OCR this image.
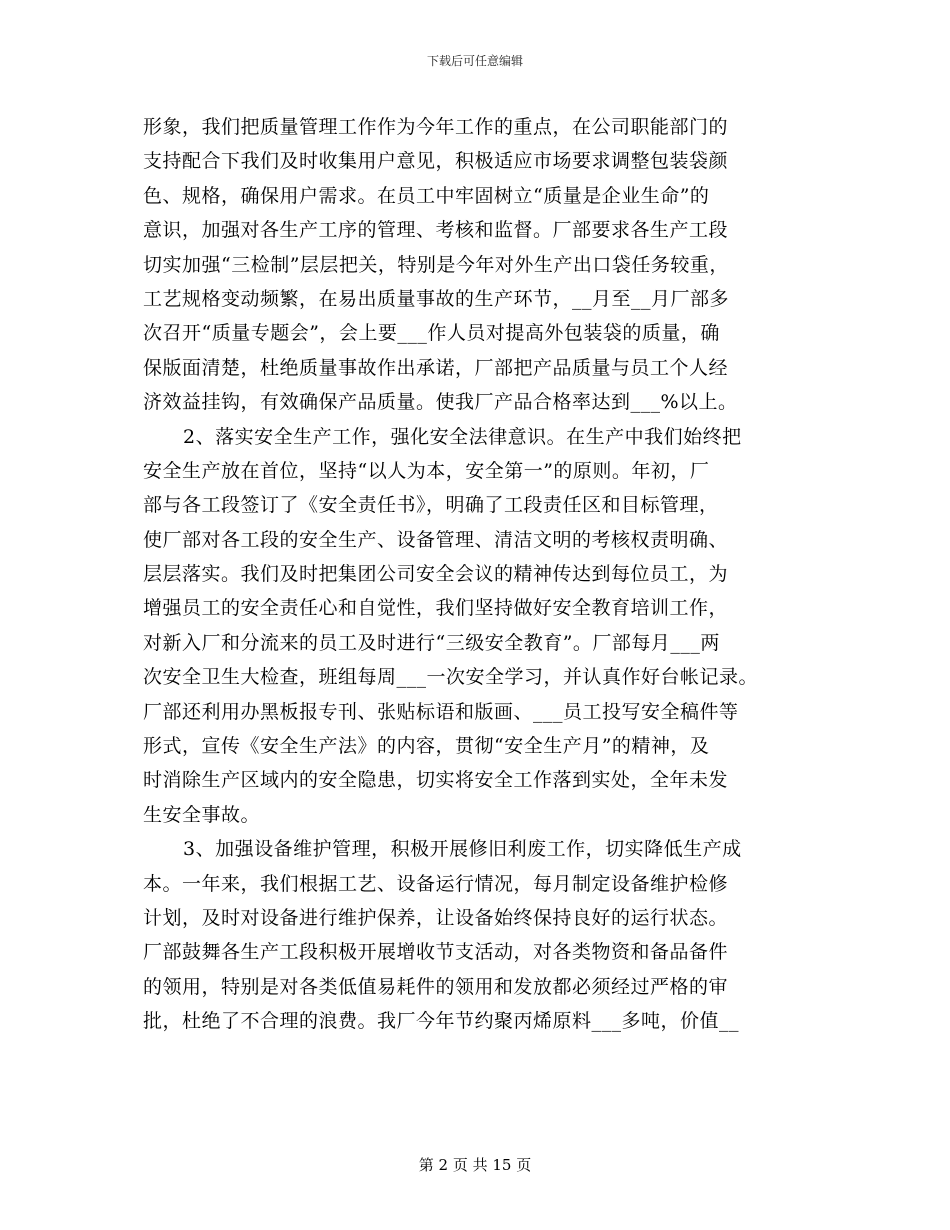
下载后可任意编辑
形象，我们把质量管理工作作为今年工作的重点，在公司职能部门的
支持配合下我们及时收集用户意见，积极适应市场要求调整包装袋颜
色、规格，确保用户需求。在员工中牢固树立“质量是企业生命”的
意识，加强对各生产工序的管理、考核和监督。厂部要求各生产工段
切实加强“三检制”层层把关，特别是今年对外生产出口袋任务较重，
工艺规格变动频繁，在易出质量事故的生产环节，__月至__月厂部多
次召开“质量专题会”，会上要___作人员对提高外包装袋的质量，确
保版面清楚，杜绝质量事故作出承诺，厂部把产品质量与员工个人经
济效益挂钩，有效确保产品质量。使我厂产品合格率达到___%以上。
2、落实安全生产工作，强化安全法律意识。在生产中我们始终把
安全生产放在首位，坚持“以人为本，安全第一”的原则。年初，厂
部与各工段签订了《安全责任书》，明确了工段责任区和目标管理，
使厂部对各工段的安全生产、设备管理、清洁文明的考核权责明确、
层层落实。我们及时把集团公司安全会议的精神传达到每位员工，为
增强员工的安全责任心和自觉性，我们坚持做好安全教育培训工作，
对新入厂和分流来的员工及时进行“三级安全教育”。厂部每月___两
次安全卫生大检查，班组每周___一次安全学习，并认真作好台帐记录。
厂部还利用办黑板报专刊、张贴标语和版画、___员工投写安全稿件等
形式，宣传《安全生产法》的内容，贯彻“安全生产月”的精神，及
时消除生产区域内的安全隐患，切实将安全工作落到实处，全年未发
生安全事故。
3、加强设备维护管理，积极开展修旧利废工作，切实降低生产成
本。一年来，我们根据工艺、设备运行情况，每月制定设备维护检修
计划，及时对设备进行维护保养，让设备始终保持良好的运行状态。
厂部鼓舞各生产工段积极开展增收节支活动，对各类物资和备品备件
的领用，特别是对各类低值易耗件的领用和发放都必须经过严格的审
批，杜绝了不合理的浪费。我厂今年节约聚丙烯原料___多吨，价值__
第 2 页 共 15 页
